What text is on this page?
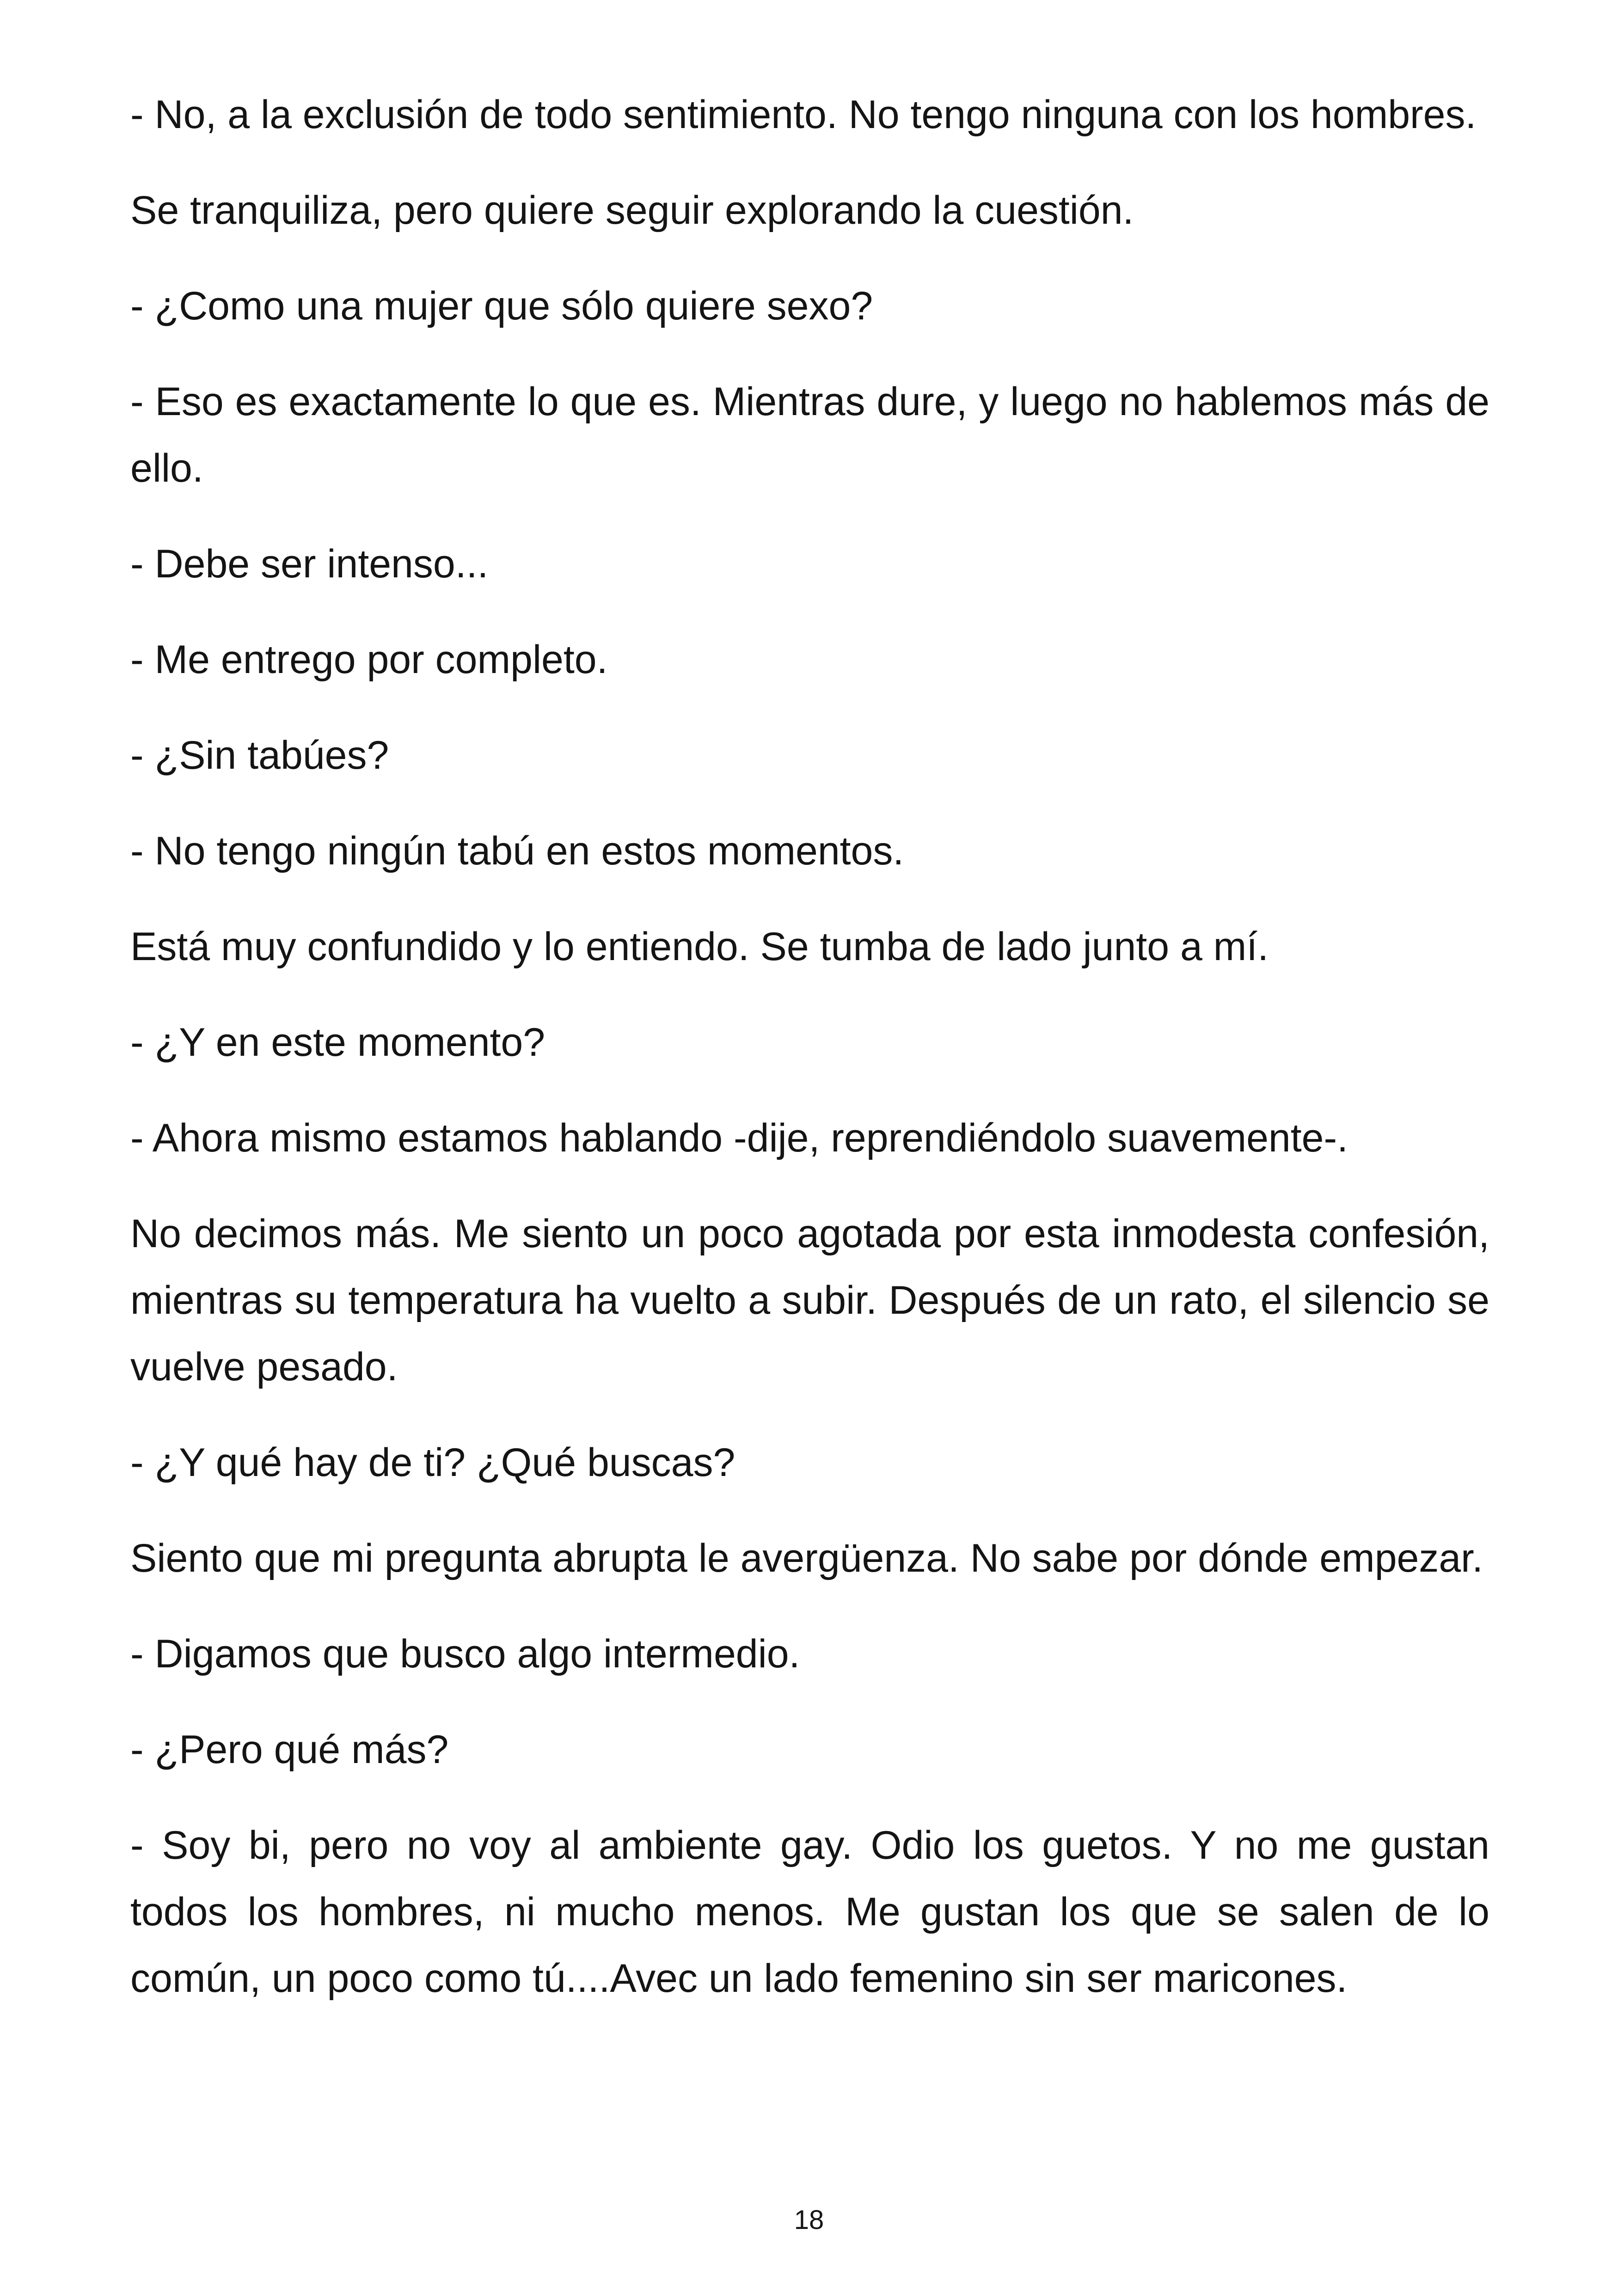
- No, a la exclusión de todo sentimiento. No tengo ninguna con los hombres.

Se tranquiliza, pero quiere seguir explorando la cuestión.

- ¿Como una mujer que sólo quiere sexo?

- Eso es exactamente lo que es. Mientras dure, y luego no hablemos más de ello.

- Debe ser intenso...

- Me entrego por completo.

- ¿Sin tabúes?

- No tengo ningún tabú en estos momentos.

Está muy confundido y lo entiendo. Se tumba de lado junto a mí.

- ¿Y en este momento?

- Ahora mismo estamos hablando -dije, reprendiéndolo suavemente-.

No decimos más. Me siento un poco agotada por esta inmodesta confesión, mientras su temperatura ha vuelto a subir. Después de un rato, el silencio se vuelve pesado.

- ¿Y qué hay de ti? ¿Qué buscas?

Siento que mi pregunta abrupta le avergüenza. No sabe por dónde empezar.

- Digamos que busco algo intermedio.

- ¿Pero qué más?

- Soy bi, pero no voy al ambiente gay. Odio los guetos. Y no me gustan todos los hombres, ni mucho menos. Me gustan los que se salen de lo común, un poco como tú....Avec un lado femenino sin ser maricones.

18
